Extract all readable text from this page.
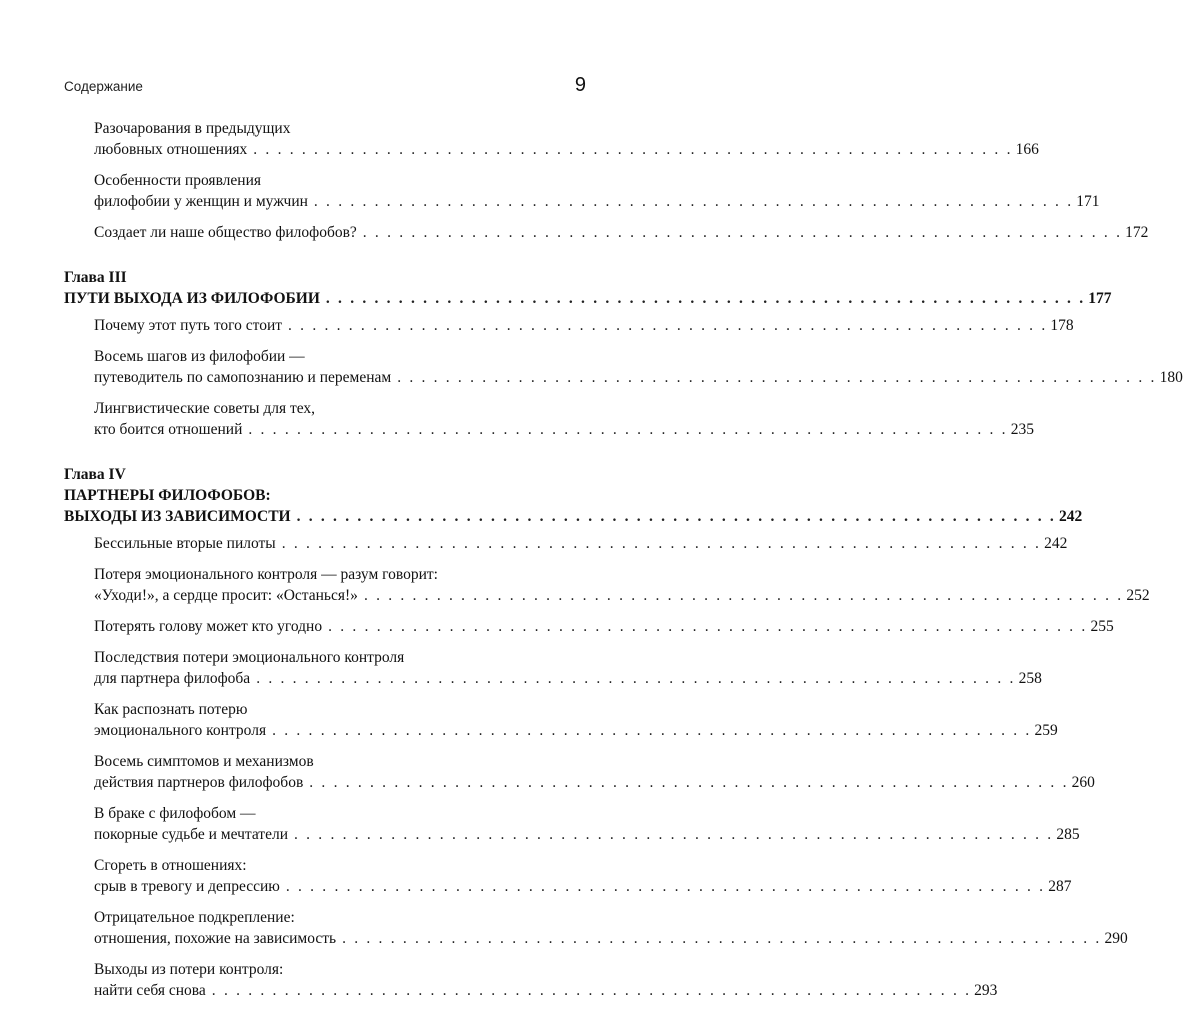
Содержание	9
Разочарования в предыдущих
любовных отношениях . . . . . . . . . . . . . . . . . . . . . . . . . . . . . . . . . . . . . . . . . . . . . . . . . . . . . . . . . . . . . . . 166
Особенности проявления
филофобии у женщин и мужчин . . . . . . . . . . . . . . . . . . . . . . . . . . . . . . . . . . . . . . . . . . . . . . . . . . . . . . . . . . . . . . . 171
Создает ли наше общество филофобов? . . . . . . . . . . . . . . . . . . . . . . . . . . . . . . . . . . . . . . . . . . . . . . . . . . . . . . . . . . . . . . . 172
Глава III
ПУТИ ВЫХОДА ИЗ ФИЛОФОБИИ . . . . . . . . . . . . . . . . . . . . . . . . . . . . . . . . . . . . . . . . . . . . . . . . . . . . . . . . . . . . . . . 177
Почему этот путь того стоит . . . . . . . . . . . . . . . . . . . . . . . . . . . . . . . . . . . . . . . . . . . . . . . . . . . . . . . . . . . . . . . 178
Восемь шагов из филофобии —
путеводитель по самопознанию и переменам . . . . . . . . . . . . . . . . . . . . . . . . . . . . . . . . . . . . . . . . . . . . . . . . . . . . . . . . . . . . . . . 180
Лингвистические советы для тех,
кто боится отношений . . . . . . . . . . . . . . . . . . . . . . . . . . . . . . . . . . . . . . . . . . . . . . . . . . . . . . . . . . . . . . . 235
Глава IV
ПАРТНЕРЫ ФИЛОФОБОВ:
ВЫХОДЫ ИЗ ЗАВИСИМОСТИ . . . . . . . . . . . . . . . . . . . . . . . . . . . . . . . . . . . . . . . . . . . . . . . . . . . . . . . . . . . . . . . 242
Бессильные вторые пилоты . . . . . . . . . . . . . . . . . . . . . . . . . . . . . . . . . . . . . . . . . . . . . . . . . . . . . . . . . . . . . . . 242
Потеря эмоционального контроля — разум говорит:
«Уходи!», а сердце просит: «Останься!» . . . . . . . . . . . . . . . . . . . . . . . . . . . . . . . . . . . . . . . . . . . . . . . . . . . . . . . . . . . . . . . 252
Потерять голову может кто угодно . . . . . . . . . . . . . . . . . . . . . . . . . . . . . . . . . . . . . . . . . . . . . . . . . . . . . . . . . . . . . . . 255
Последствия потери эмоционального контроля
для партнера филофоба . . . . . . . . . . . . . . . . . . . . . . . . . . . . . . . . . . . . . . . . . . . . . . . . . . . . . . . . . . . . . . . 258
Как распознать потерю
эмоционального контроля . . . . . . . . . . . . . . . . . . . . . . . . . . . . . . . . . . . . . . . . . . . . . . . . . . . . . . . . . . . . . . . 259
Восемь симптомов и механизмов
действия партнеров филофобов . . . . . . . . . . . . . . . . . . . . . . . . . . . . . . . . . . . . . . . . . . . . . . . . . . . . . . . . . . . . . . . 260
В браке с филофобом —
покорные судьбе и мечтатели . . . . . . . . . . . . . . . . . . . . . . . . . . . . . . . . . . . . . . . . . . . . . . . . . . . . . . . . . . . . . . . 285
Сгореть в отношениях:
срыв в тревогу и депрессию . . . . . . . . . . . . . . . . . . . . . . . . . . . . . . . . . . . . . . . . . . . . . . . . . . . . . . . . . . . . . . . 287
Отрицательное подкрепление:
отношения, похожие на зависимость . . . . . . . . . . . . . . . . . . . . . . . . . . . . . . . . . . . . . . . . . . . . . . . . . . . . . . . . . . . . . . . 290
Выходы из потери контроля:
найти себя снова . . . . . . . . . . . . . . . . . . . . . . . . . . . . . . . . . . . . . . . . . . . . . . . . . . . . . . . . . . . . . . . 293
